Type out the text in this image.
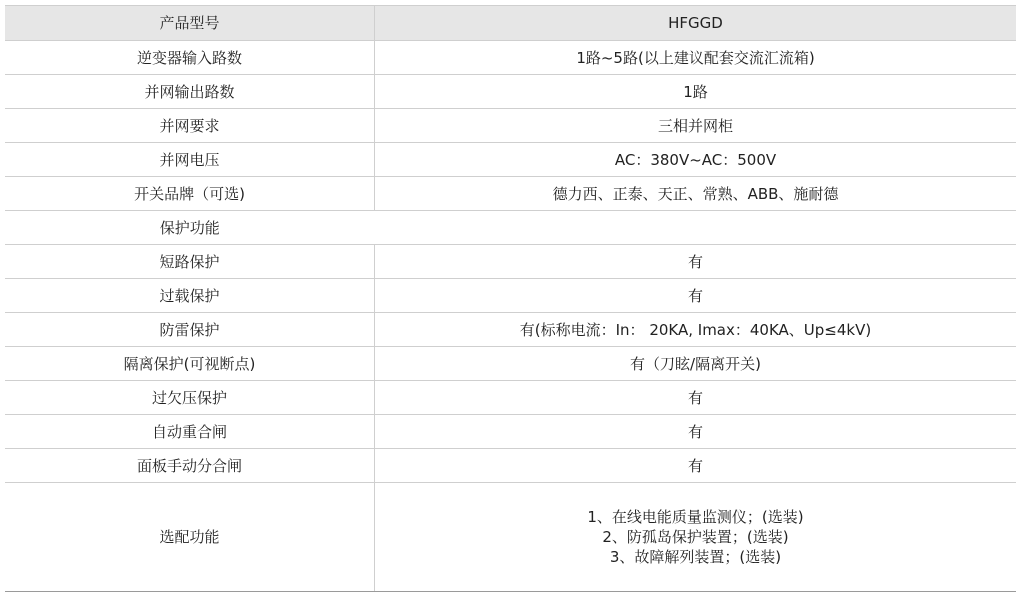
产品型号	HFGGD
逆变器输入路数	1路~5路(以上建议配套交流汇流箱)
并网输出路数	1路
并网要求	三相并网柜
并网电压	AC：380V~AC：500V
开关品牌（可选)	德力西、正泰、天正、常熟、ABB、施耐德
保护功能	
短路保护	有
过载保护	有
防雷保护	有(标称电流：In： 20KA, Imax：40KA、Up≤4kV)
隔离保护(可视断点)	有（刀眩/隔离开关)
过欠压保护	有
自动重合闸	有
面板手动分合闸	有
选配功能	1、在线电能质量监测仪；(选装)
2、防孤岛保护装置；(选装)
3、故障解列装置；(选装)
